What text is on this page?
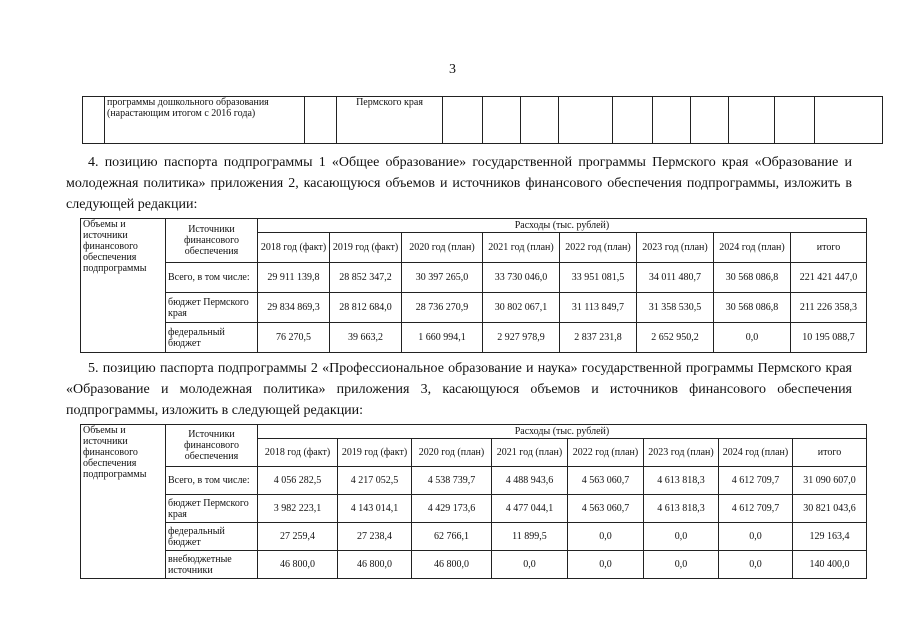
3
	программы дошкольного образования (нарастающим итогом с 2016 года)		Пермского края										

4. позицию паспорта подпрограммы 1 «Общее образование» государственной программы Пермского края «Образование и молодежная политика» приложения 2, касающуюся объемов и источников финансового обеспечения подпрограммы, изложить в следующей редакции:

Объемы и источники финансового обеспечения подпрограммы	Источники финансового обеспечения	Расходы (тыс. рублей)							
		2018 год (факт)	2019 год (факт)	2020 год (план)	2021 год (план)	2022 год (план)	2023 год (план)	2024 год (план)	итого
	Всего, в том числе:	29 911 139,8	28 852 347,2	30 397 265,0	33 730 046,0	33 951 081,5	34 011 480,7	30 568 086,8	221 421 447,0
	бюджет Пермского края	29 834 869,3	28 812 684,0	28 736 270,9	30 802 067,1	31 113 849,7	31 358 530,5	30 568 086,8	211 226 358,3
	федеральный бюджет	76 270,5	39 663,2	1 660 994,1	2 927 978,9	2 837 231,8	2 652 950,2	0,0	10 195 088,7

5. позицию паспорта подпрограммы 2 «Профессиональное образование и наука» государственной программы Пермского края «Образование и молодежная политика» приложения 3, касающуюся объемов и источников финансового обеспечения подпрограммы, изложить в следующей редакции:

Объемы и источники финансового обеспечения подпрограммы	Источники финансового обеспечения	Расходы (тыс. рублей)							
		2018 год (факт)	2019 год (факт)	2020 год (план)	2021 год (план)	2022 год (план)	2023 год (план)	2024 год (план)	итого
	Всего, в том числе:	4 056 282,5	4 217 052,5	4 538 739,7	4 488 943,6	4 563 060,7	4 613 818,3	4 612 709,7	31 090 607,0
	бюджет Пермского края	3 982 223,1	4 143 014,1	4 429 173,6	4 477 044,1	4 563 060,7	4 613 818,3	4 612 709,7	30 821 043,6
	федеральный бюджет	27 259,4	27 238,4	62 766,1	11 899,5	0,0	0,0	0,0	129 163,4
	внебюджетные источники	46 800,0	46 800,0	46 800,0	0,0	0,0	0,0	0,0	140 400,0
